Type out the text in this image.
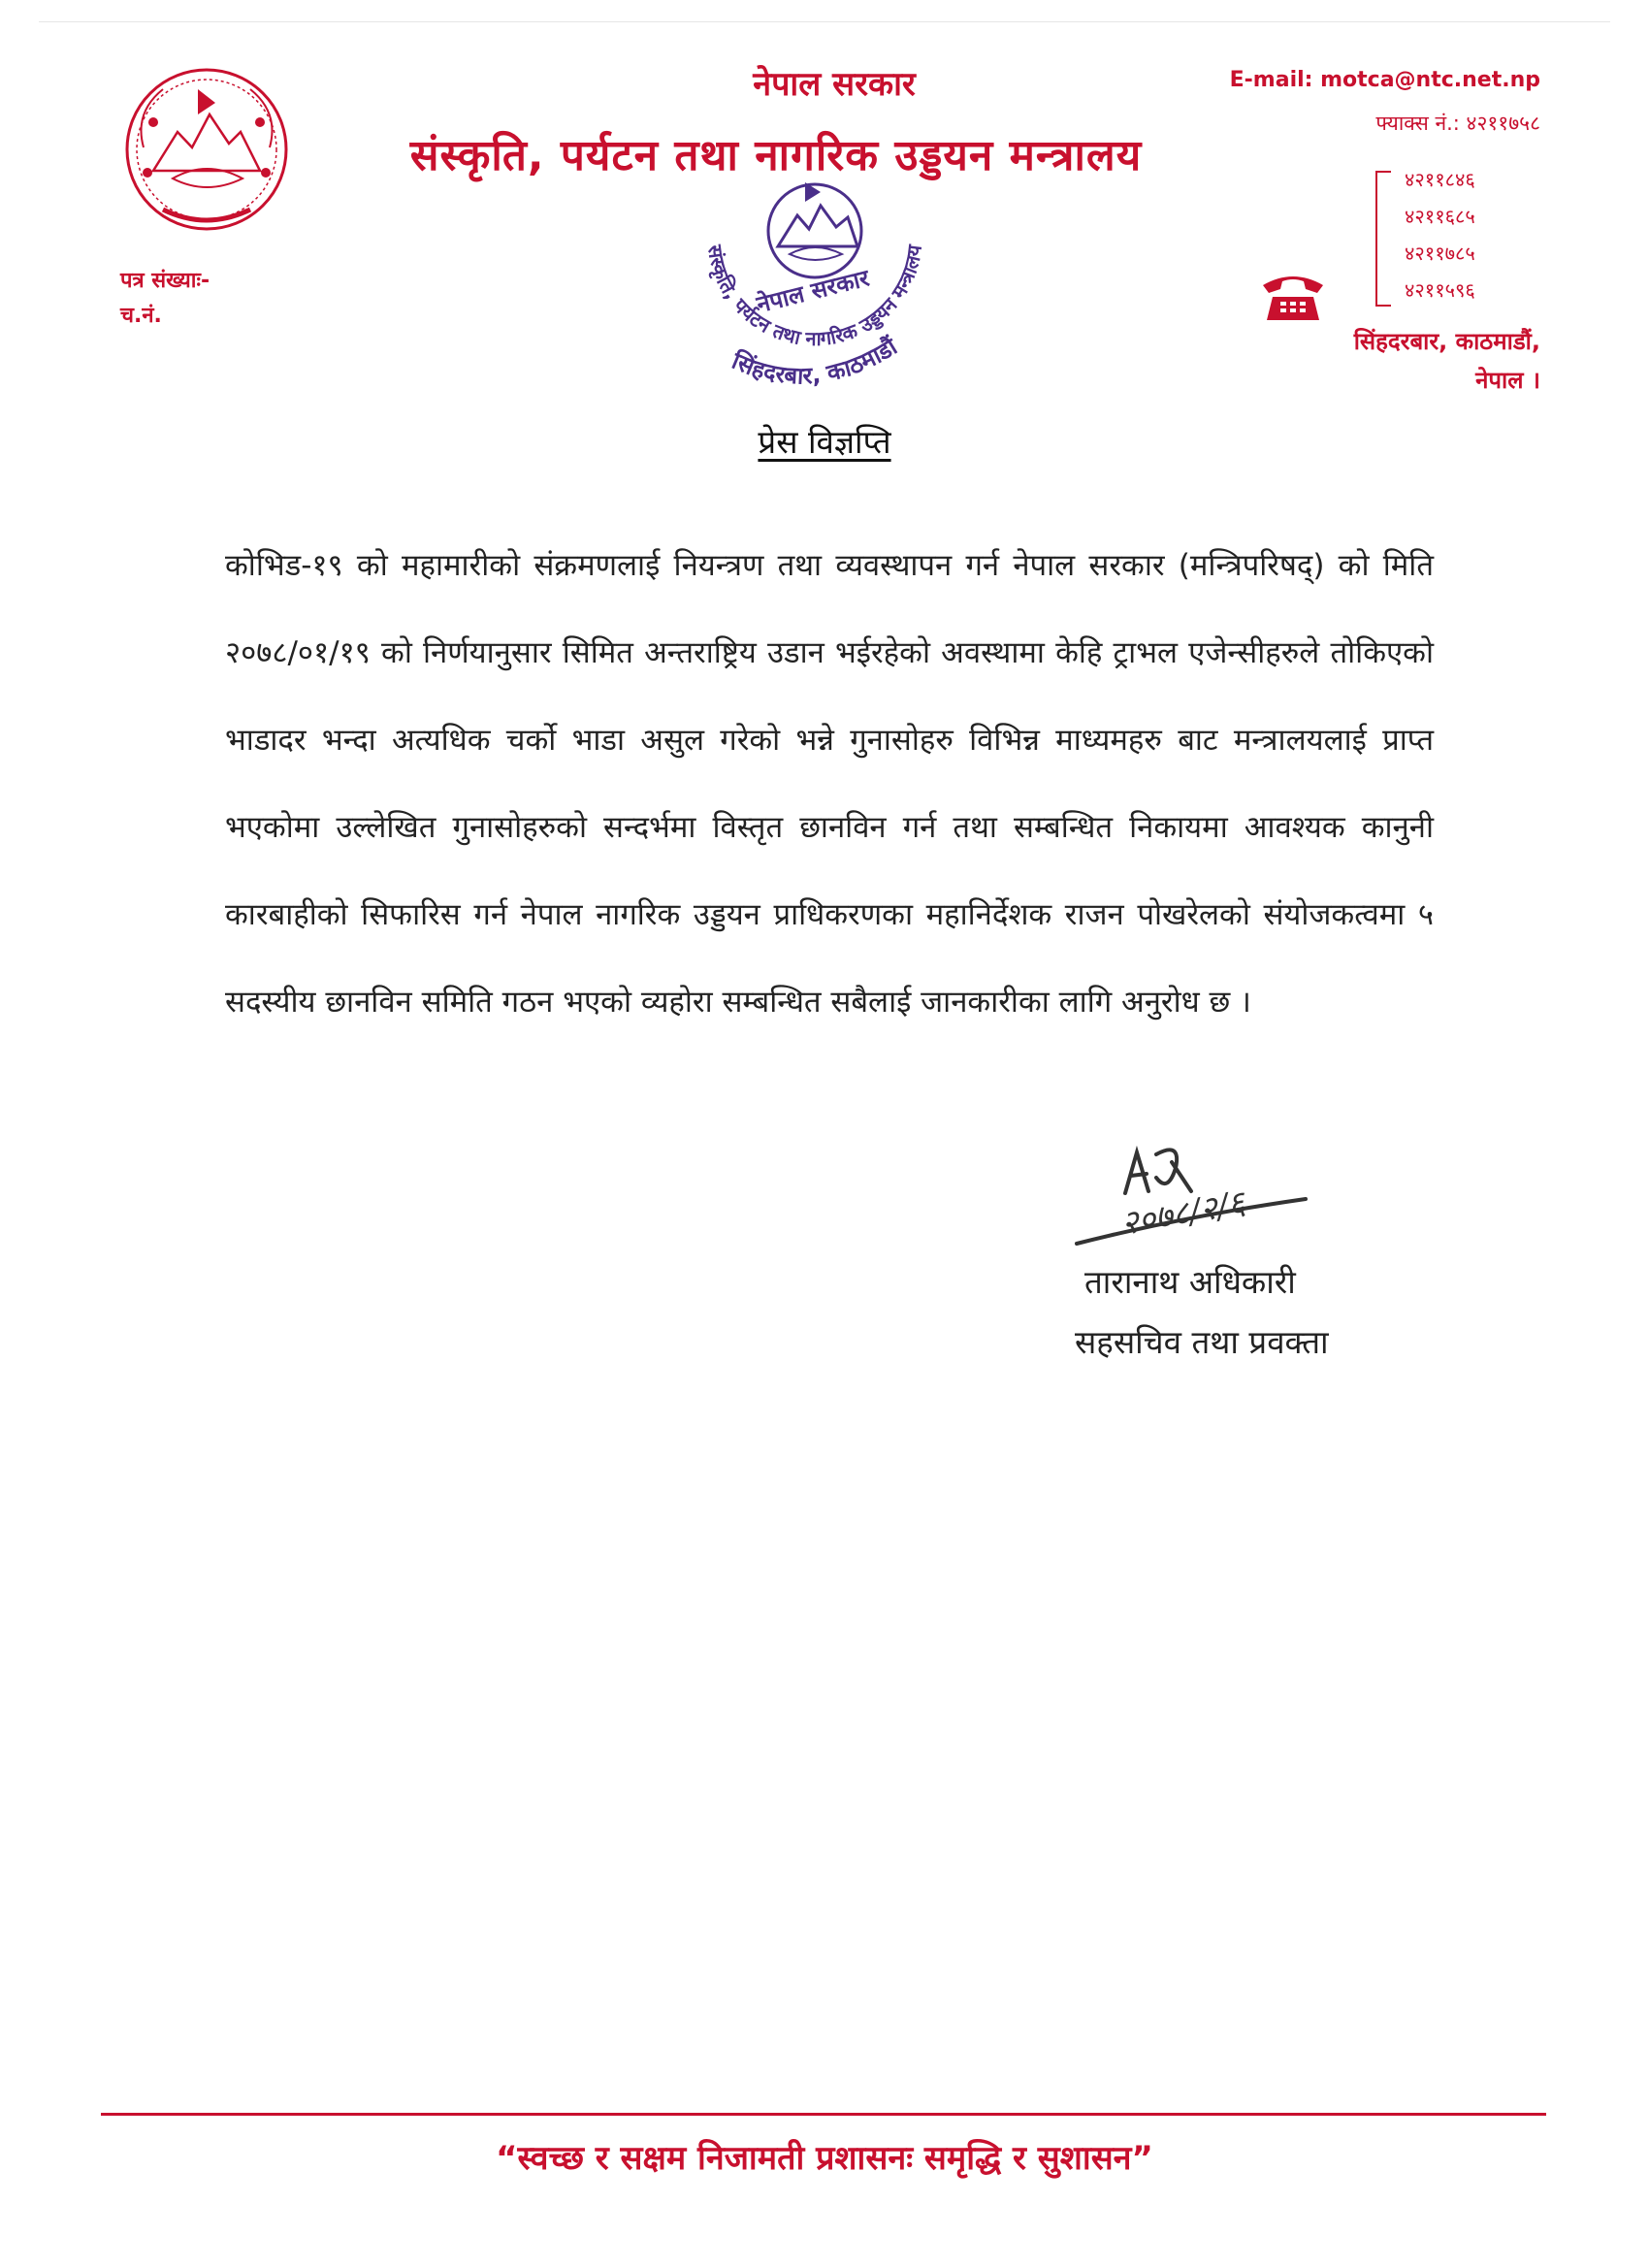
नेपाल सरकार
संस्कृति, पर्यटन तथा नागरिक उड्डयन मन्त्रालय
पत्र संख्याः-
च.नं.
E-mail: motca@ntc.net.np
फ्याक्स नं.: ४२११७५८
४२११८४६
४२११६८५
४२११७८५
४२११५९६
सिंहदरबार, काठमाडौं,
नेपाल ।
संस्कृति, पर्यटन तथा नागरिक उड्डयन मन्त्रालय
नेपाल सरकार
सिंहदरबार, काठमाडौं
प्रेस विज्ञप्ति
कोभिड-१९ को महामारीको संक्रमणलाई नियन्त्रण तथा व्यवस्थापन गर्न नेपाल सरकार (मन्त्रिपरिषद्) को मिति २०७८/०१/१९ को निर्णयानुसार सिमित अन्तराष्ट्रिय उडान भईरहेको अवस्थामा केहि ट्राभल एजेन्सीहरुले तोकिएको भाडादर भन्दा अत्यधिक चर्को भाडा असुल गरेको भन्ने गुनासोहरु विभिन्न माध्यमहरु बाट मन्त्रालयलाई प्राप्त भएकोमा उल्लेखित गुनासोहरुको सन्दर्भमा विस्तृत छानविन गर्न तथा सम्बन्धित निकायमा आवश्यक कानुनी कारबाहीको सिफारिस गर्न नेपाल नागरिक उड्डयन प्राधिकरणका महानिर्देशक राजन पोखरेलको संयोजकत्वमा ५ सदस्यीय छानविन समिति गठन भएको व्यहोरा सम्बन्धित सबैलाई जानकारीका लागि अनुरोध छ ।
२०७८/२/६
तारानाथ अधिकारी
सहसचिव तथा प्रवक्ता
“स्वच्छ र सक्षम निजामती प्रशासनः समृद्धि र सुशासन”
